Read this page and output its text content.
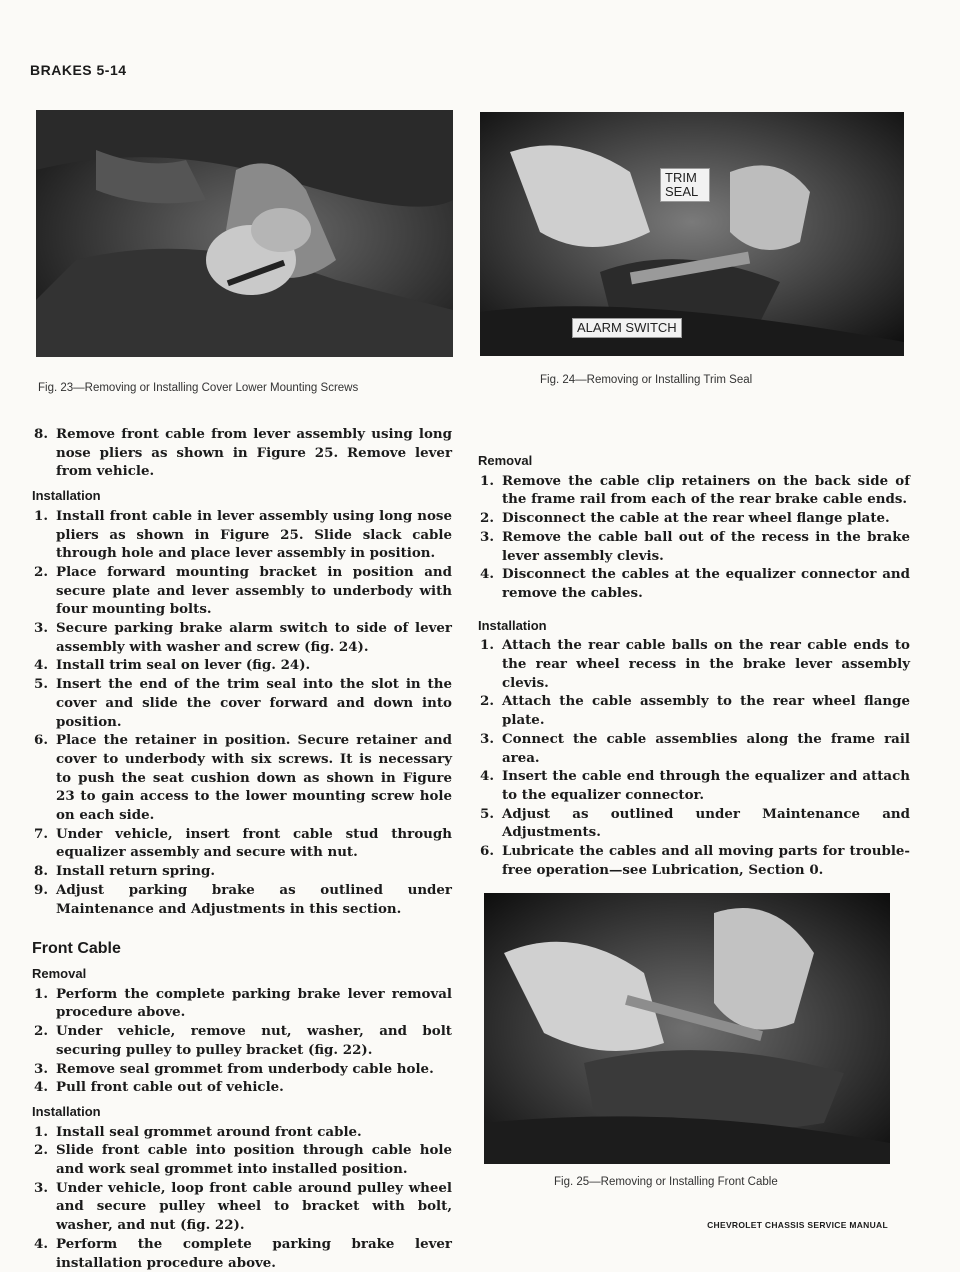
BRAKES 5-14
Fig. 23—Removing or Installing Cover Lower Mounting Screws
TRIM SEAL
ALARM SWITCH
Fig. 24—Removing or Installing Trim Seal
Fig. 25—Removing or Installing Front Cable
8. Remove front cable from lever assembly using long nose pliers as shown in Figure 25. Remove lever from vehicle.
Installation
1. Install front cable in lever assembly using long nose pliers as shown in Figure 25. Slide slack cable through hole and place lever assembly in position.
2. Place forward mounting bracket in position and secure plate and lever assembly to underbody with four mounting bolts.
3. Secure parking brake alarm switch to side of lever assembly with washer and screw (fig. 24).
4. Install trim seal on lever (fig. 24).
5. Insert the end of the trim seal into the slot in the cover and slide the cover forward and down into position.
6. Place the retainer in position. Secure retainer and cover to underbody with six screws. It is necessary to push the seat cushion down as shown in Figure 23 to gain access to the lower mounting screw hole on each side.
7. Under vehicle, insert front cable stud through equalizer assembly and secure with nut.
8. Install return spring.
9. Adjust parking brake as outlined under Maintenance and Adjustments in this section.
Front Cable
Removal
1. Perform the complete parking brake lever removal procedure above.
2. Under vehicle, remove nut, washer, and bolt securing pulley to pulley bracket (fig. 22).
3. Remove seal grommet from underbody cable hole.
4. Pull front cable out of vehicle.
Installation
1. Install seal grommet around front cable.
2. Slide front cable into position through cable hole and work seal grommet into installed position.
3. Under vehicle, loop front cable around pulley wheel and secure pulley wheel to bracket with bolt, washer, and nut (fig. 22).
4. Perform the complete parking brake lever installation procedure above.
Removal
1. Remove the cable clip retainers on the back side of the frame rail from each of the rear brake cable ends.
2. Disconnect the cable at the rear wheel flange plate.
3. Remove the cable ball out of the recess in the brake lever assembly clevis.
4. Disconnect the cables at the equalizer connector and remove the cables.
Installation
1. Attach the rear cable balls on the rear cable ends to the rear wheel recess in the brake lever assembly clevis.
2. Attach the cable assembly to the rear wheel flange plate.
3. Connect the cable assemblies along the frame rail area.
4. Insert the cable end through the equalizer and attach to the equalizer connector.
5. Adjust as outlined under Maintenance and Adjustments.
6. Lubricate the cables and all moving parts for trouble-free operation—see Lubrication, Section 0.
CHEVROLET CHASSIS SERVICE MANUAL
